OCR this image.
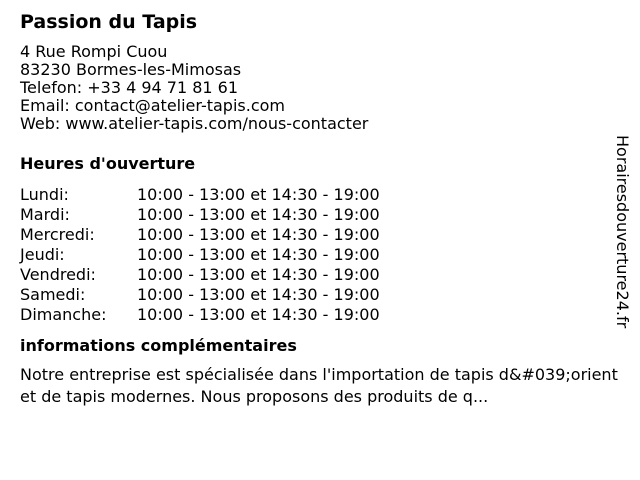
Passion du Tapis

4 Rue Rompi Cuou

83230 Bormes-les-Mimosas

Telefon: +33 4 94 71 81 61

Email: contact@atelier-tapis.com

Web: www.atelier-tapis.com/nous-contacter

Heures d'ouverture
Lundi:	10:00 - 13:00 et 14:30 - 19:00
Mardi:	10:00 - 13:00 et 14:30 - 19:00
Mercredi:	10:00 - 13:00 et 14:30 - 19:00
Jeudi:	10:00 - 13:00 et 14:30 - 19:00
Vendredi:	10:00 - 13:00 et 14:30 - 19:00
Samedi:	10:00 - 13:00 et 14:30 - 19:00
Dimanche:	10:00 - 13:00 et 14:30 - 19:00
informations complémentaires

Notre entreprise est spécialisée dans l'importation de tapis d&#039;orient et de tapis modernes. Nous proposons des produits de q...

Horairesdouverture24.fr
